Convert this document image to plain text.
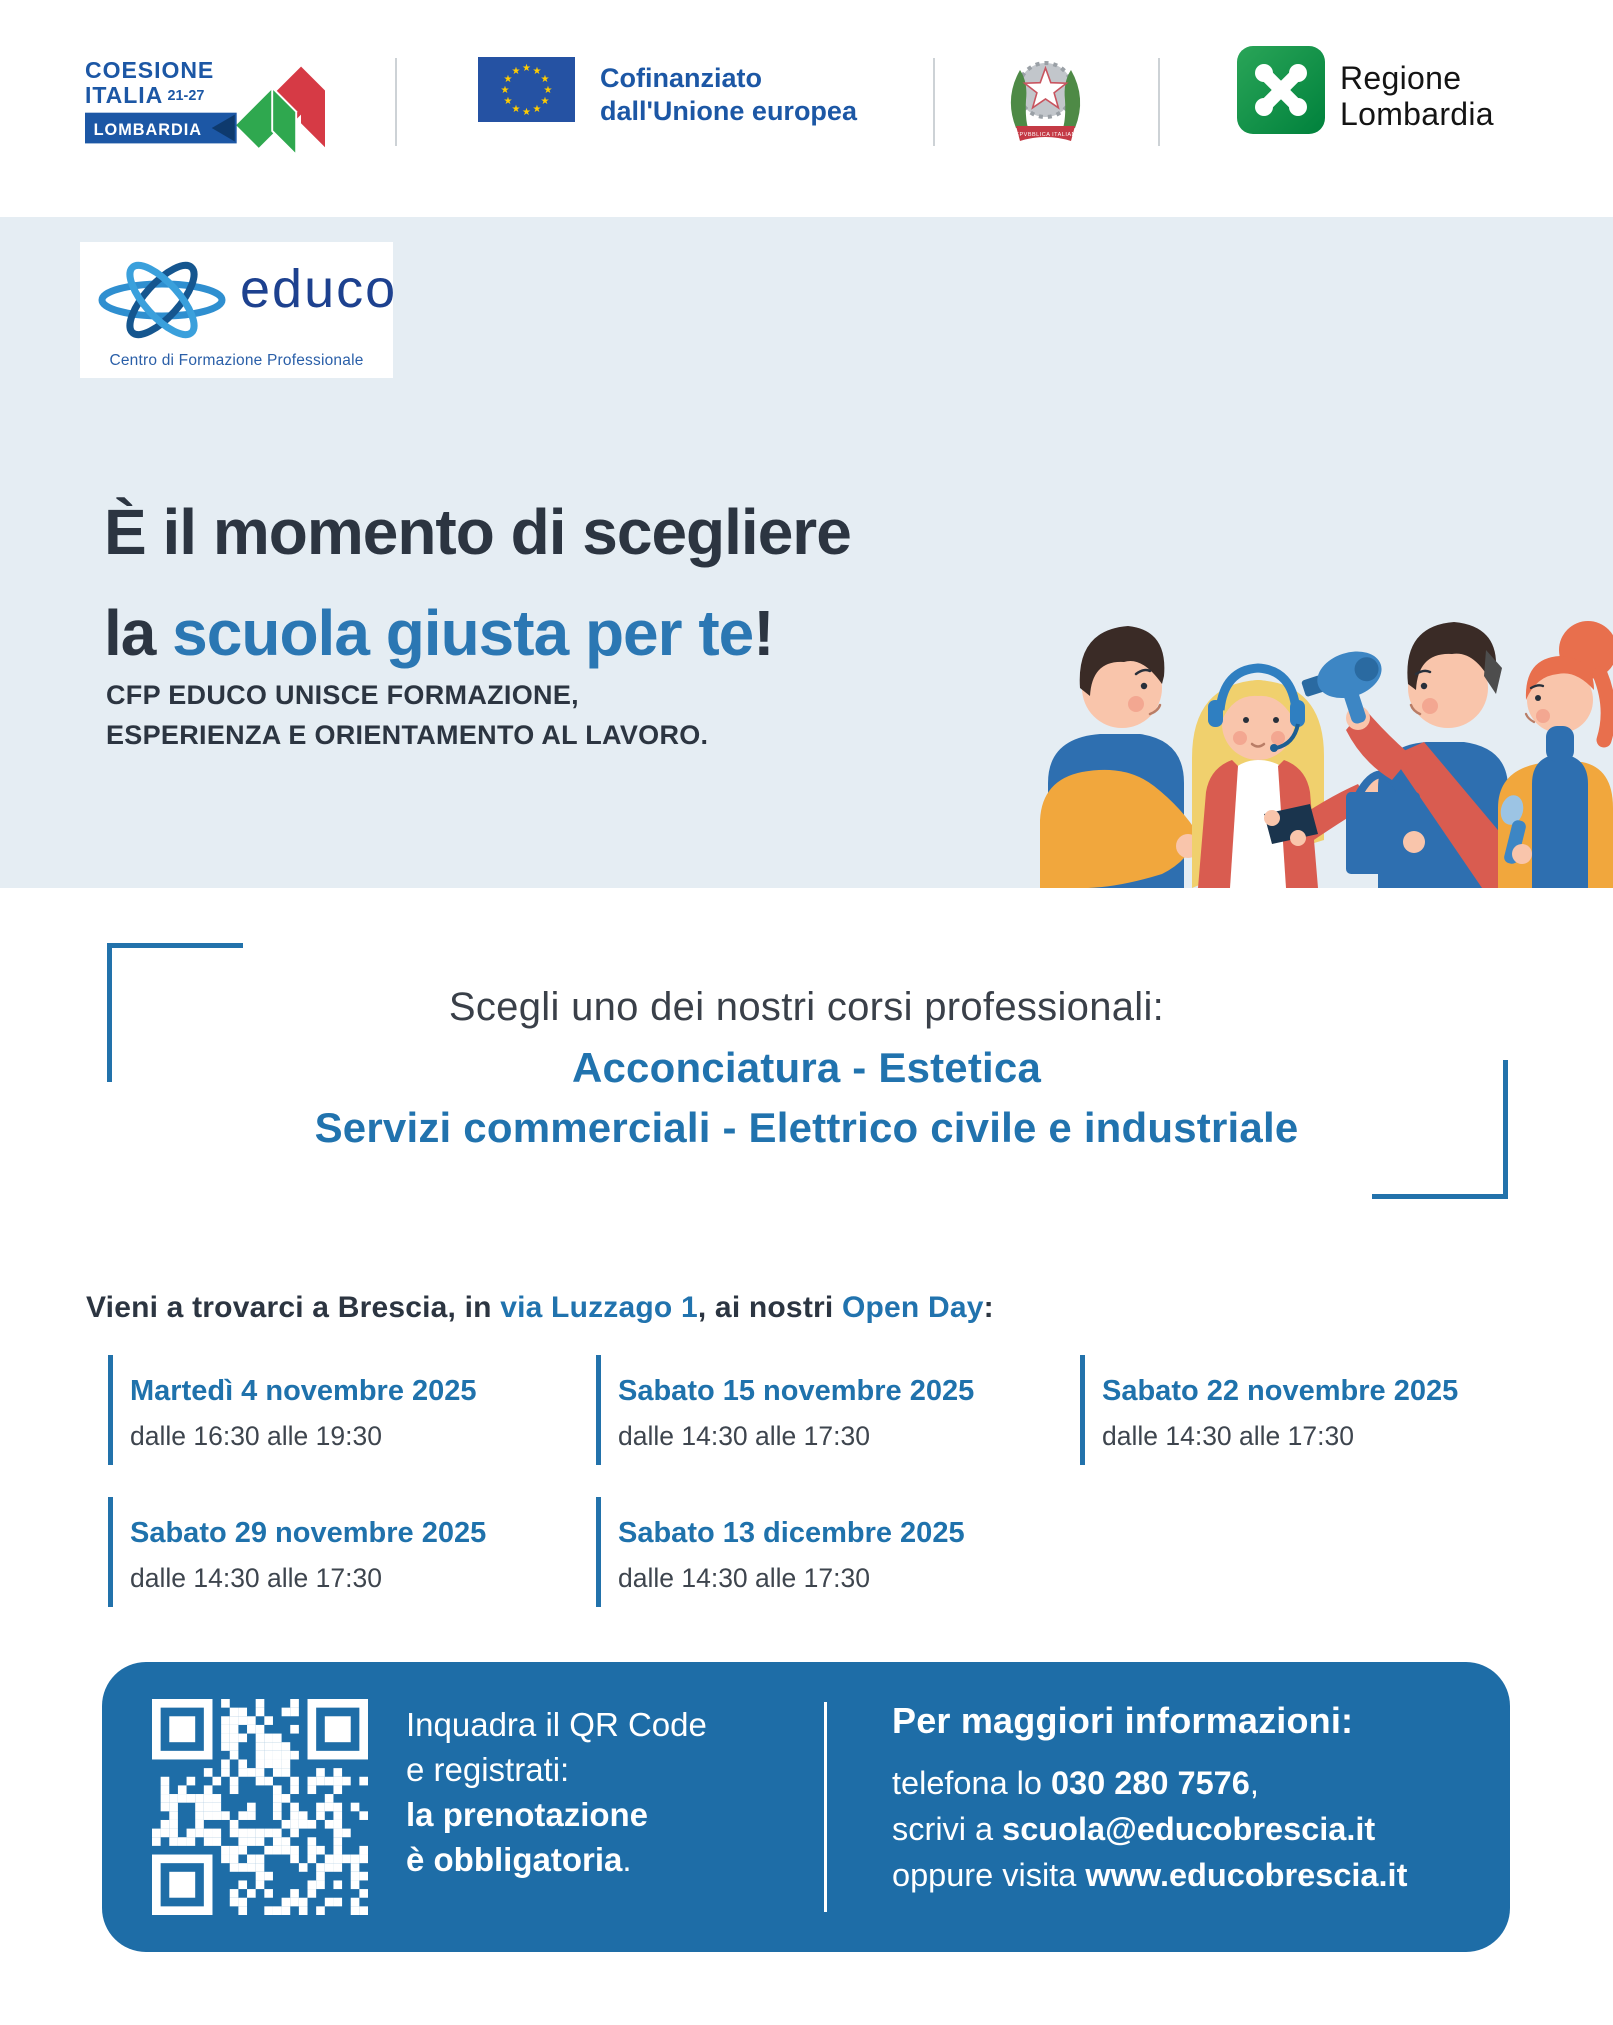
COESIONE
ITALIA 21-27
LOMBARDIA
★ ★
★
★
★
★
★
★
★
★
★
★	Cofinanziato
dall'Unione europea
REPVBBLICA ITALIANA
Regione
Lombardia
educo
Centro di Formazione Professionale
È il momento di scegliere
la scuola giusta per te!
CFP EDUCO UNISCE FORMAZIONE,
ESPERIENZA E ORIENTAMENTO AL LAVORO.

Scegli uno dei nostri corsi professionali:

Acconciatura - Estetica

Servizi commerciali - Elettrico civile e industriale

Vieni a trovarci a Brescia, in via Luzzago 1, ai nostri Open Day:

Martedì 4 novembre 2025

dalle 16:30 alle 19:30

Sabato 15 novembre 2025

dalle 14:30 alle 17:30

Sabato 22 novembre 2025

dalle 14:30 alle 17:30

Sabato 29 novembre 2025

dalle 14:30 alle 17:30

Sabato 13 dicembre 2025

dalle 14:30 alle 17:30

Inquadra il QR Code
e registrati:
la prenotazione
è obbligatoria.

Per maggiori informazioni:

telefona lo 030 280 7576,

scrivi a scuola@educobrescia.it

oppure visita www.educobrescia.it
